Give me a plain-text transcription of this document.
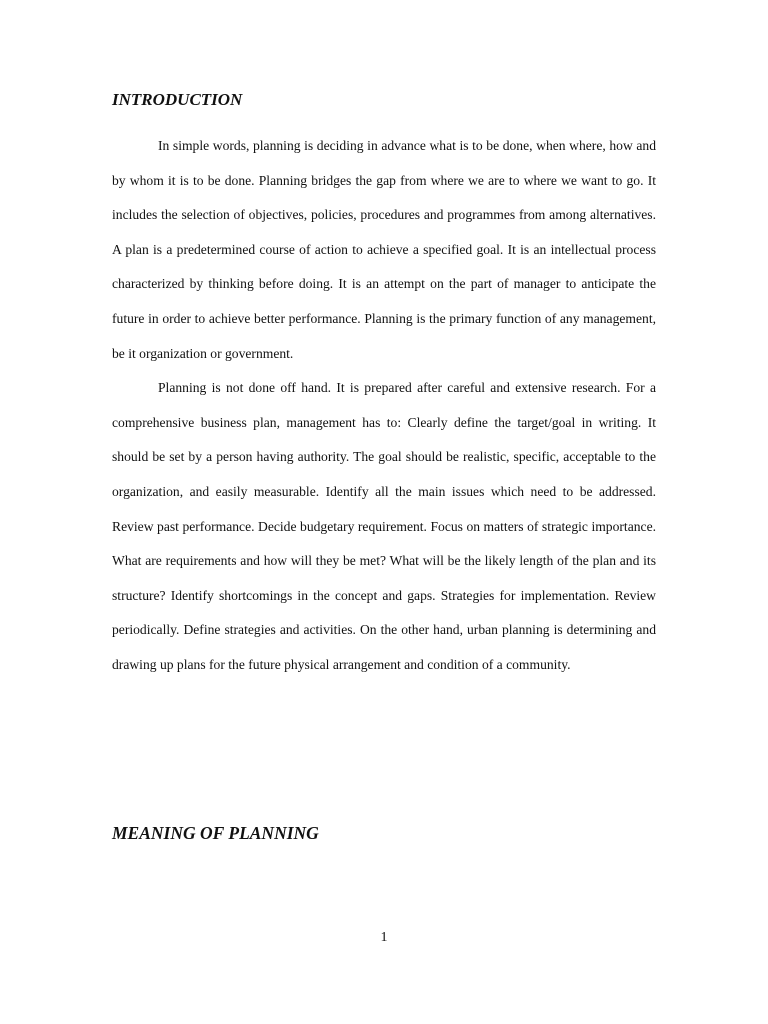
INTRODUCTION

In simple words, planning is deciding in advance what is to be done, when where, how and by whom it is to be done. Planning bridges the gap from where we are to where we want to go. It includes the selection of objectives, policies, procedures and programmes from among alternatives. A plan is a predetermined course of action to achieve a specified goal. It is an intellectual process characterized by thinking before doing. It is an attempt on the part of manager to anticipate the future in order to achieve better performance. Planning is the primary function of any management, be it organization or government.

Planning is not done off hand. It is prepared after careful and extensive research. For a comprehensive business plan, management has to: Clearly define the target/goal in writing. It should be set by a person having authority. The goal should be realistic, specific, acceptable to the organization, and easily measurable. Identify all the main issues which need to be addressed. Review past performance. Decide budgetary requirement. Focus on matters of strategic importance. What are requirements and how will they be met? What will be the likely length of the plan and its structure? Identify shortcomings in the concept and gaps. Strategies for implementation. Review periodically. Define strategies and activities. On the other hand, urban planning is determining and drawing up plans for the future physical arrangement and condition of a community.

MEANING OF PLANNING
1
